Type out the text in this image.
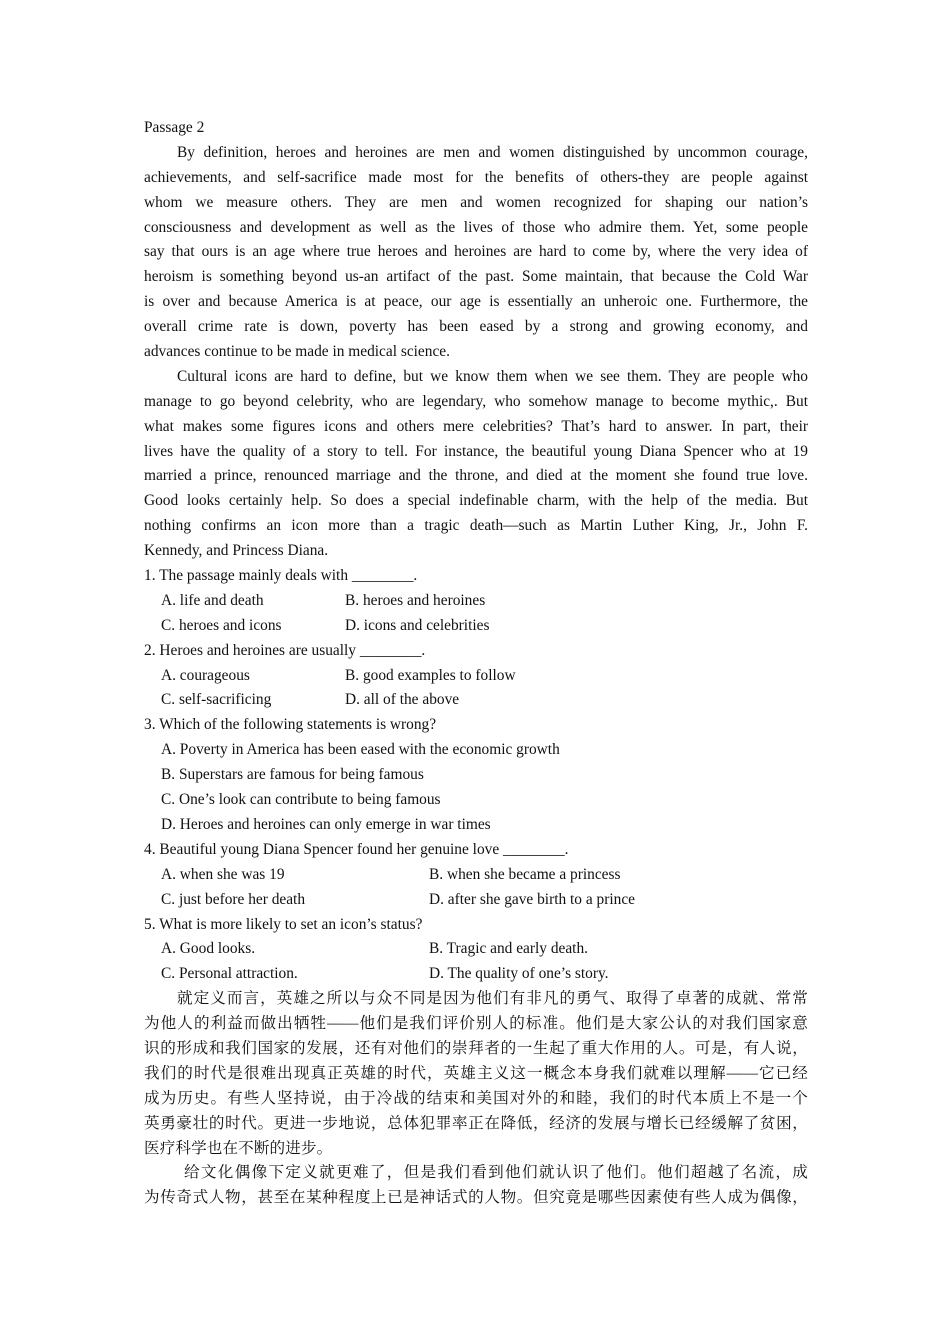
Passage 2
By definition, heroes and heroines are men and women distinguished by uncommon courage,
achievements, and self-sacrifice made most for the benefits of others-they are people against
whom we measure others. They are men and women recognized for shaping our nation’s
consciousness and development as well as the lives of those who admire them. Yet, some people
say that ours is an age where true heroes and heroines are hard to come by, where the very idea of
heroism is something beyond us-an artifact of the past. Some maintain, that because the Cold War
is over and because America is at peace, our age is essentially an unheroic one. Furthermore, the
overall crime rate is down, poverty has been eased by a strong and growing economy, and
advances continue to be made in medical science.
Cultural icons are hard to define, but we know them when we see them. They are people who
manage to go beyond celebrity, who are legendary, who somehow manage to become mythic,. But
what makes some figures icons and others mere celebrities? That’s hard to answer. In part, their
lives have the quality of a story to tell. For instance, the beautiful young Diana Spencer who at 19
married a prince, renounced marriage and the throne, and died at the moment she found true love.
Good looks certainly help. So does a special indefinable charm, with the help of the media. But
nothing confirms an icon more than a tragic death—such as Martin Luther King, Jr., John F.
Kennedy, and Princess Diana.
1. The passage mainly deals with ________.
A. life and death	B. heroes and heroines
C. heroes and icons	D. icons and celebrities
2. Heroes and heroines are usually ________.
A. courageous	B. good examples to follow
C. self-sacrificing	D. all of the above
3. Which of the following statements is wrong?
A. Poverty in America has been eased with the economic growth
B. Superstars are famous for being famous
C. One’s look can contribute to being famous
D. Heroes and heroines can only emerge in war times
4. Beautiful young Diana Spencer found her genuine love ________.
A. when she was 19	B. when she became a princess
C. just before her death	D. after she gave birth to a prince
5. What is more likely to set an icon’s status?
A. Good looks.	B. Tragic and early death.
C. Personal attraction.	D. The quality of one’s story.
就定义而言，英雄之所以与众不同是因为他们有非凡的勇气、取得了卓著的成就、常常
为他人的利益而做出牺牲——他们是我们评价别人的标准。他们是大家公认的对我们国家意
识的形成和我们国家的发展，还有对他们的崇拜者的一生起了重大作用的人。可是，有人说，
我们的时代是很难出现真正英雄的时代，英雄主义这一概念本身我们就难以理解——它已经
成为历史。有些人坚持说，由于冷战的结束和美国对外的和睦，我们的时代本质上不是一个
英勇豪壮的时代。更进一步地说，总体犯罪率正在降低，经济的发展与增长已经缓解了贫困，
医疗科学也在不断的进步。
给文化偶像下定义就更难了，但是我们看到他们就认识了他们。他们超越了名流，成
为传奇式人物，甚至在某种程度上已是神话式的人物。但究竟是哪些因素使有些人成为偶像，
